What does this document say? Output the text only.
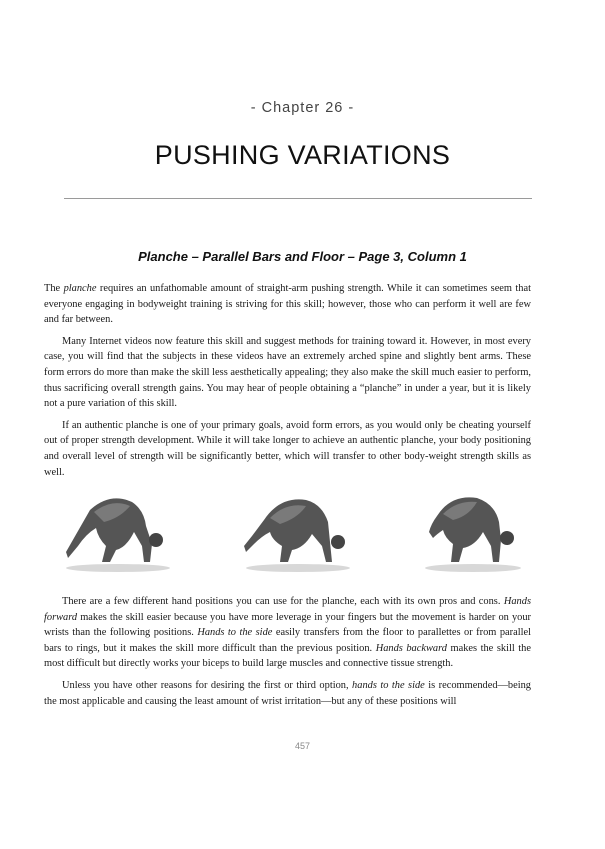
- Chapter 26 -
PUSHING VARIATIONS
Planche – Parallel Bars and Floor – Page 3, Column 1

The planche requires an unfathomable amount of straight-arm pushing strength. While it can sometimes seem that everyone engaging in bodyweight training is striving for this skill; however, those who can perform it well are few and far between.

Many Internet videos now feature this skill and suggest methods for training toward it. However, in most every case, you will find that the subjects in these videos have an extremely arched spine and slightly bent arms. These form errors do more than make the skill less aesthetically appealing; they also make the skill much easier to perform, thus sacrificing overall strength gains. You may hear of people obtaining a “planche” in under a year, but it is likely not a pure variation of this skill.

If an authentic planche is one of your primary goals, avoid form errors, as you would only be cheating yourself out of proper strength development. While it will take longer to achieve an authentic planche, your body positioning and overall level of strength will be significantly better, which will transfer to other body-weight strength skills as well.

There are a few different hand positions you can use for the planche, each with its own pros and cons. Hands forward makes the skill easier because you have more leverage in your fingers but the movement is harder on your wrists than the following positions. Hands to the side easily transfers from the floor to parallettes or from parallel bars to rings, but it makes the skill more difficult than the previous position. Hands backward makes the skill the most difficult but directly works your biceps to build large muscles and connective tissue strength.

Unless you have other reasons for desiring the first or third option, hands to the side is recommended—being the most applicable and causing the least amount of wrist irritation—but any of these positions will

457
